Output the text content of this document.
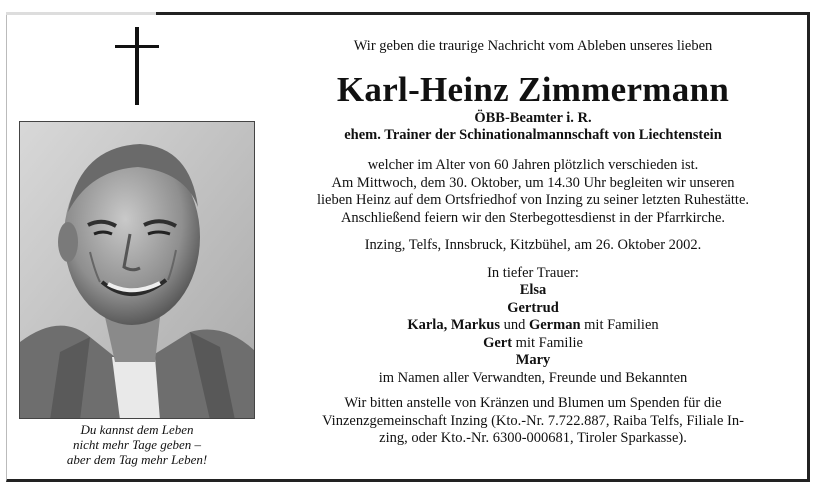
Du kannst dem Leben
nicht mehr Tage geben –
aber dem Tag mehr Leben!
Wir geben die traurige Nachricht vom Ableben unseres lieben
Karl-Heinz Zimmermann
ÖBB-Beamter i. R.
ehem. Trainer der Schinationalmannschaft von Liechtenstein
welcher im Alter von 60 Jahren plötzlich verschieden ist.
Am Mittwoch, dem 30. Oktober, um 14.30 Uhr begleiten wir unseren
lieben Heinz auf dem Ortsfriedhof von Inzing zu seiner letzten Ruhestätte.
Anschließend feiern wir den Sterbegottesdienst in der Pfarrkirche.
Inzing, Telfs, Innsbruck, Kitzbühel, am 26. Oktober 2002.
In tiefer Trauer:
Elsa
Gertrud
Karla, Markus und German mit Familien
Gert mit Familie
Mary
im Namen aller Verwandten, Freunde und Bekannten
Wir bitten anstelle von Kränzen und Blumen um Spenden für die
Vinzenzgemeinschaft Inzing (Kto.-Nr. 7.722.887, Raiba Telfs, Filiale In-
zing, oder Kto.-Nr. 6300-000681, Tiroler Sparkasse).
